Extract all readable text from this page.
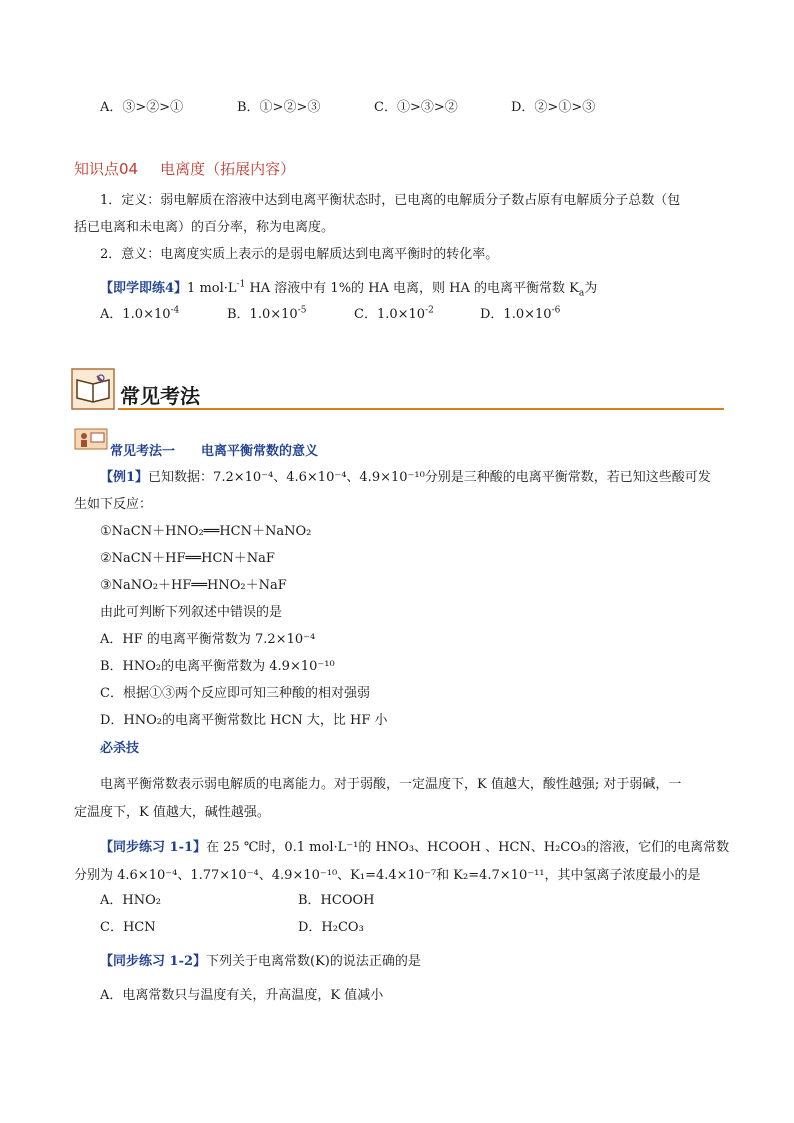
A．③>②>①	B．①>②>③	C．①>③>②	D．②>①>③
知识点04 电离度（拓展内容）
1．定义：弱电解质在溶液中达到电离平衡状态时，已电离的电解质分子数占原有电解质分子总数（包
括已电离和未电离）的百分率，称为电离度。
2．意义：电离度实质上表示的是弱电解质达到电离平衡时的转化率。
【即学即练4】1 $mol\cdot L^{-1}$ HA 溶液中有 1%的 HA 电离，则 HA 的电离平衡常数 $K_a$为
A．$1.0\times 10^{-4}$	B．$1.0\times 10^{-5}$	C．$1.0\times 10^{-2}$	D．$1.0\times 10^{-6}$
常见考法
常见考法一 电离平衡常数的意义
【例1】已知数据：7.2×10⁻⁴、4.6×10⁻⁴、4.9×10⁻¹⁰分别是三种酸的电离平衡常数，若已知这些酸可发
生如下反应：
①NaCN＋HNO₂══HCN＋NaNO₂
②NaCN＋HF══HCN＋NaF
③NaNO₂＋HF══HNO₂＋NaF
由此可判断下列叙述中错误的是
A．HF 的电离平衡常数为 7.2×10⁻⁴
B．HNO₂的电离平衡常数为 4.9×10⁻¹⁰
C．根据①③两个反应即可知三种酸的相对强弱
D．HNO₂的电离平衡常数比 HCN 大，比 HF 小
必杀技
电离平衡常数表示弱电解质的电离能力。对于弱酸，一定温度下，K 值越大，酸性越强; 对于弱碱，一
定温度下，K 值越大，碱性越强。
【同步练习 1-1】在 25 ℃时，0.1 mol·L⁻¹的 HNO₃、HCOOH 、HCN、H₂CO₃的溶液，它们的电离常数
分别为 4.6×10⁻⁴、1.77×10⁻⁴、4.9×10⁻¹⁰、K₁=4.4×10⁻⁷和 K₂=4.7×10⁻¹¹，其中氢离子浓度最小的是
A．HNO₂	B．HCOOH
C．HCN	D．H₂CO₃
【同步练习 1-2】下列关于电离常数(K)的说法正确的是
A．电离常数只与温度有关，升高温度，K 值减小
